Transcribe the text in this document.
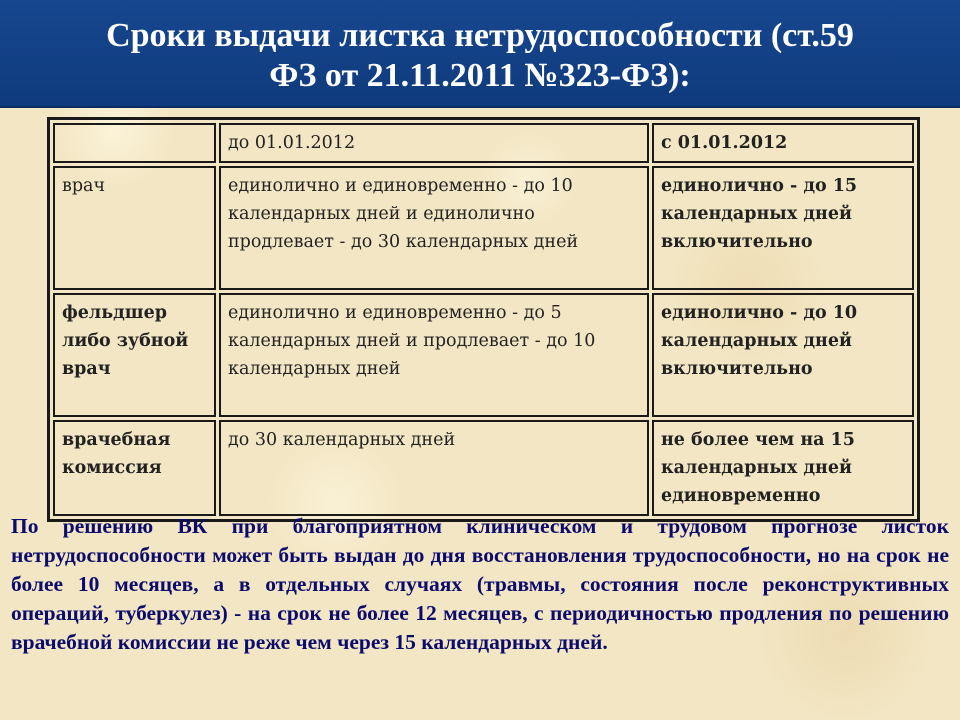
Сроки выдачи листка нетрудоспособности (ст.59
ФЗ от 21.11.2011 №323-ФЗ):
	до 01.01.2012	с 01.01.2012
врач	единолично и единовременно - до 10 календарных дней и единолично продлевает - до 30 календарных дней	единолично - до 15 календарных дней включительно
фельдшер либо зубной врач	единолично и единовременно - до 5 календарных дней и продлевает - до 10 календарных дней	единолично - до 10 календарных дней включительно
врачебная комиссия	до 30 календарных дней	не более чем на 15 календарных дней единовременно
По решению ВК при благоприятном клиническом и трудовом прогнозе листок нетрудоспособности может быть выдан до дня восстановления трудоспособности, но на срок не более 10 месяцев, а в отдельных случаях (травмы, состояния после реконструктивных операций, туберкулез) - на срок не более 12 месяцев, с периодичностью продления по решению врачебной комиссии не реже чем через 15 календарных дней.
